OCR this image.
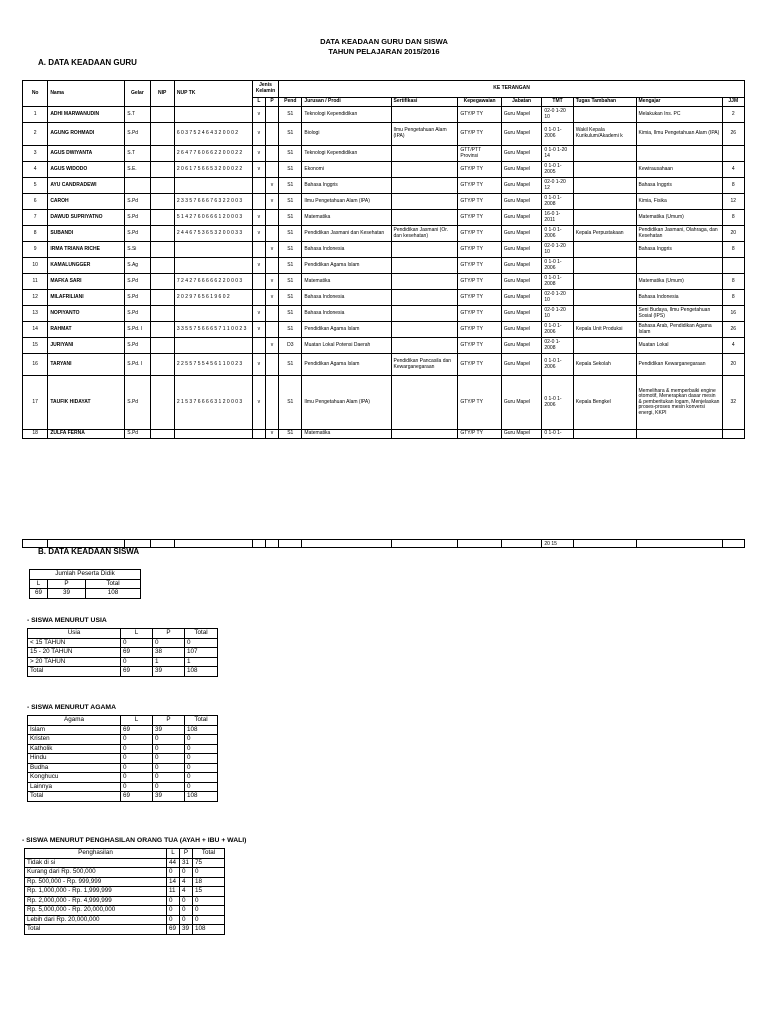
DATA KEADAAN GURU DAN SISWA
TAHUN PELAJARAN 2015/2016
A. DATA KEADAAN GURU
No	Nama	Gelar	NIP	NUP TK	Jenis Kelamin		KE TERANGAN								
					L	P	Pend	Jurusan / Prodi	Sertifikasi	Kepegawaian	Jabatan	TMT	Tugas Tambahan	Mengajar	JJM
1	ADHI MARWANUDIN	S.T			v		S1	Teknologi Kependidikan		GTY/P TY	Guru Mapel	02-0 1-20 10		Melakukan Ins. PC	2
2	AGUNG ROHMADI	S.Pd		6 0 3 7 5 2 4 6 4 3 2 0 0 0 2	v		S1	Biologi	Ilmu Pengetahuan Alam (IPA)	GTY/P TY	Guru Mapel	0 1-0 1-2006	Wakil Kepala Kurikulum/Akademi k	Kimia, Ilmu Pengetahuan Alam (IPA)	26
3	AGUS DWIYANTA	S.T		2 6 4 7 7 6 0 6 6 2 2 0 0 0 2 2	v		S1	Teknologi Kependidikan		GTT/PTT Provinsi	Guru Mapel	0 1-0 1-20 14			
4	AGUS WIDODO	S.E.		2 0 6 1 7 5 6 6 5 3 2 0 0 0 2 2	v		S1	Ekonomi		GTY/P TY	Guru Mapel	0 1-0 1-2005		Kewirausahaan	4
5	AYU CANDRADEWI					v	S1	Bahasa Inggris		GTY/P TY	Guru Mapel	02-0 1-20 12		Bahasa Inggris	8
6	CAROH	S.Pd		2 3 3 5 7 6 6 6 7 6 3 2 2 0 0 3		v	S1	Ilmu Pengetahuan Alam (IPA)		GTY/P TY	Guru Mapel	0 1-0 1-2008		Kimia, Fisika	12
7	DAWUD SUPRIYATNO	S.Pd		5 1 4 2 7 6 0 6 6 6 1 2 0 0 0 3	v		S1	Matematika		GTY/P TY	Guru Mapel	16-0 1-2011		Matematika (Umum)	8
8	SUBANDI	S.Pd		2 4 4 6 7 5 3 6 5 3 2 0 0 0 3 3	v		S1	Pendidikan Jasmani dan Kesehatan	Pendidikan Jasmani (Or. dan kesehatan)	GTY/P TY	Guru Mapel	0 1-0 1-2006	Kepala Perpustakaan	Pendidikan Jasmani, Olahraga, dan Kesehatan	20
9	IRMA TRIANA RICHE	S.Si				v	S1	Bahasa Indonesia		GTY/P TY	Guru Mapel	02-0 1-20 10		Bahasa Inggris	8
10	KAMALUNGGER	S.Ag			v		S1	Pendidikan Agama Islam		GTY/P TY	Guru Mapel	0 1-0 1-2006			
11	MAFKA SARI	S.Pd		7 2 4 2 7 6 6 6 6 6 2 2 0 0 0 3		v	S1	Matematika		GTY/P TY	Guru Mapel	0 1-0 1-2008		Matematika (Umum)	8
12	MILAFRILIANI	S.Pd		2 0 2 9 7 6 5 6 1 9 6 0 2		v	S1	Bahasa Indonesia		GTY/P TY	Guru Mapel	02-0 1-20 10		Bahasa Indonesia	8
13	NOPIYANTO	S.Pd			v		S1	Bahasa Indonesia		GTY/P TY	Guru Mapel	02-0 1-20 10		Seni Budaya, Ilmu Pengetahuan Sosial (IPS)	16
14	RAHMAT	S.Pd. I		3 3 5 5 7 5 6 6 6 5 7 1 1 0 0 2 3	v		S1	Pendidikan Agama Islam		GTY/P TY	Guru Mapel	0 1-0 1-2006	Kepala Unit Produksi	Bahasa Arab, Pendidikan Agama Islam	26
15	JURIYANI	S.Pd				v	D3	Muatan Lokal Potensi Daerah		GTY/P TY	Guru Mapel	02-0 1-2008		Muatan Lokal	4
16	TARYANI	S.Pd. I		2 2 5 5 7 5 5 4 5 6 1 1 0 0 2 3	v		S1	Pendidikan Agama Islam	Pendidikan Pancasila dan Kewarganegaraan	GTY/P TY	Guru Mapel	0 1-0 1-2006	Kepala Sekolah	Pendidikan Kewarganegaraan	20
17	TAUFIK HIDAYAT	S.Pd		2 1 5 3 7 6 6 6 6 3 1 2 0 0 0 3	v		S1	Ilmu Pengetahuan Alam (IPA)		GTY/P TY	Guru Mapel	0 1-0 1-2006	Kepala Bengkel	Memelihara & memperbaiki engine otomotif, Menerapkan dasar mesin & pemberitukan logam, Menjelaskan proses-proses mesin konversi energi, KKPI	32
18	ZULFA FERNA	S.Pd				v	S1	Matematika		GTY/P TY	Guru Mapel	0 1-0 1-			
												20 15			
B. DATA KEADAAN SISWA
Jumlah Peserta Didik		
L	P	Total
69	39	108
- SISWA MENURUT USIA
Usia	L	P	Total
< 15 TAHUN	0	0	0
15 - 20 TAHUN	69	38	107
> 20 TAHUN	0	1	1
Total	69	39	108
- SISWA MENURUT AGAMA
Agama	L	P	Total
Islam	69	39	108
Kristen	0	0	0
Katholik	0	0	0
Hindu	0	0	0
Budha	0	0	0
Konghucu	0	0	0
Lainnya	0	0	0
Total	69	39	108
- SISWA MENURUT PENGHASILAN ORANG TUA (AYAH + IBU + WALI)
Penghasilan	L	P	Total
Tidak di si	44	31	75
Kurang dari Rp. 500,000	0	0	0
Rp. 500,000 - Rp. 999,999	14	4	18
Rp. 1,000,000 - Rp. 1,999,999	11	4	15
Rp. 2,000,000 - Rp. 4,999,999	0	0	0
Rp. 5,000,000 - Rp. 20,000,000	0	0	0
Lebih dari Rp. 20,000,000	0	0	0
Total	69	39	108
